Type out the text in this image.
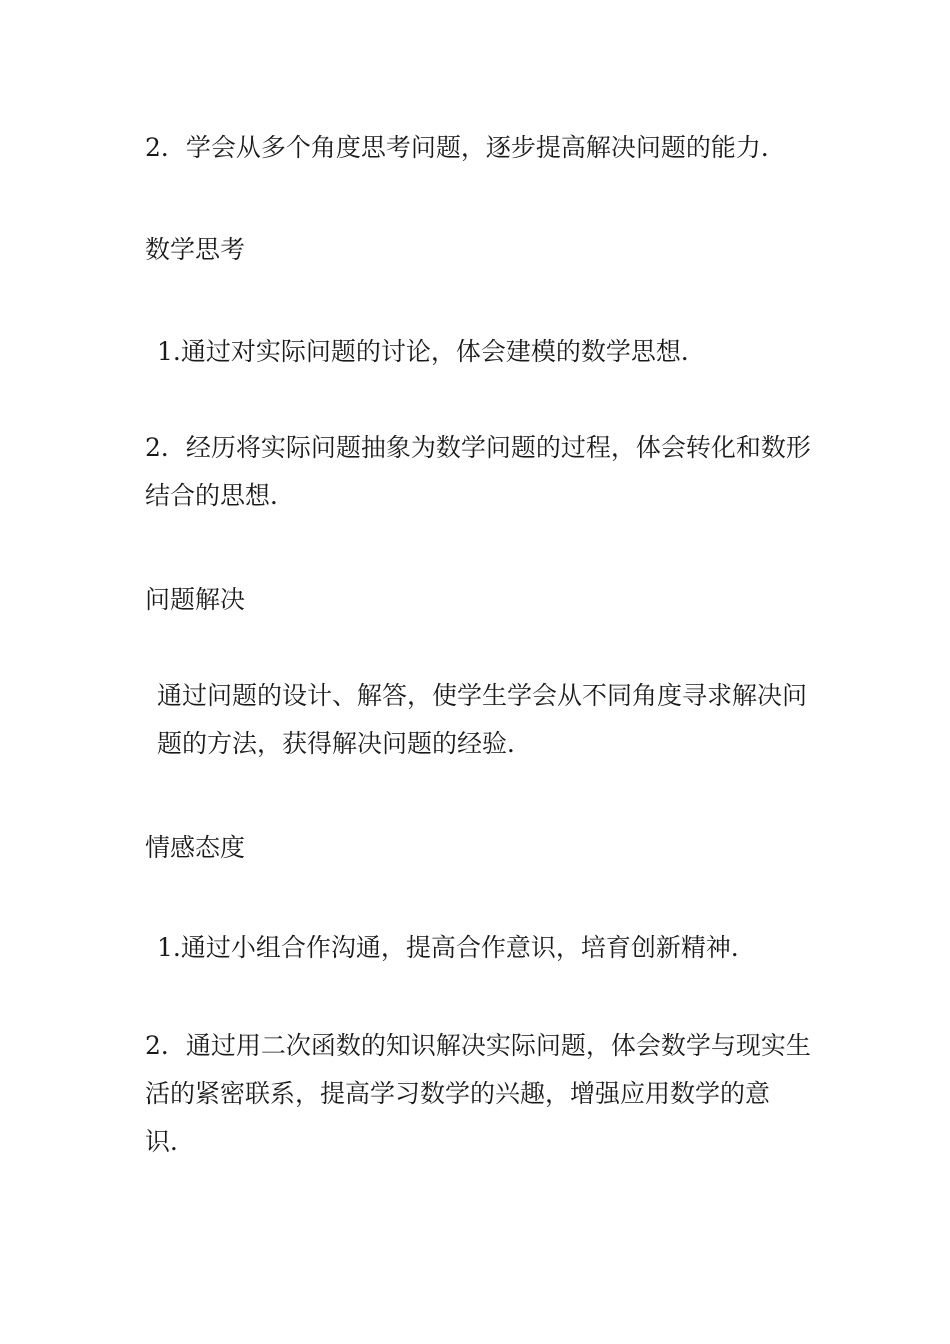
2．学会从多个角度思考问题，逐步提高解决问题的能力．

数学思考

1.通过对实际问题的讨论，体会建模的数学思想．

2．经历将实际问题抽象为数学问题的过程，体会转化和数形结合的思想．

问题解决

通过问题的设计、解答，使学生学会从不同角度寻求解决问题的方法，获得解决问题的经验．

情感态度

1.通过小组合作沟通，提高合作意识，培育创新精神．

2．通过用二次函数的知识解决实际问题，体会数学与现实生活的紧密联系，提高学习数学的兴趣，增强应用数学的意识．
